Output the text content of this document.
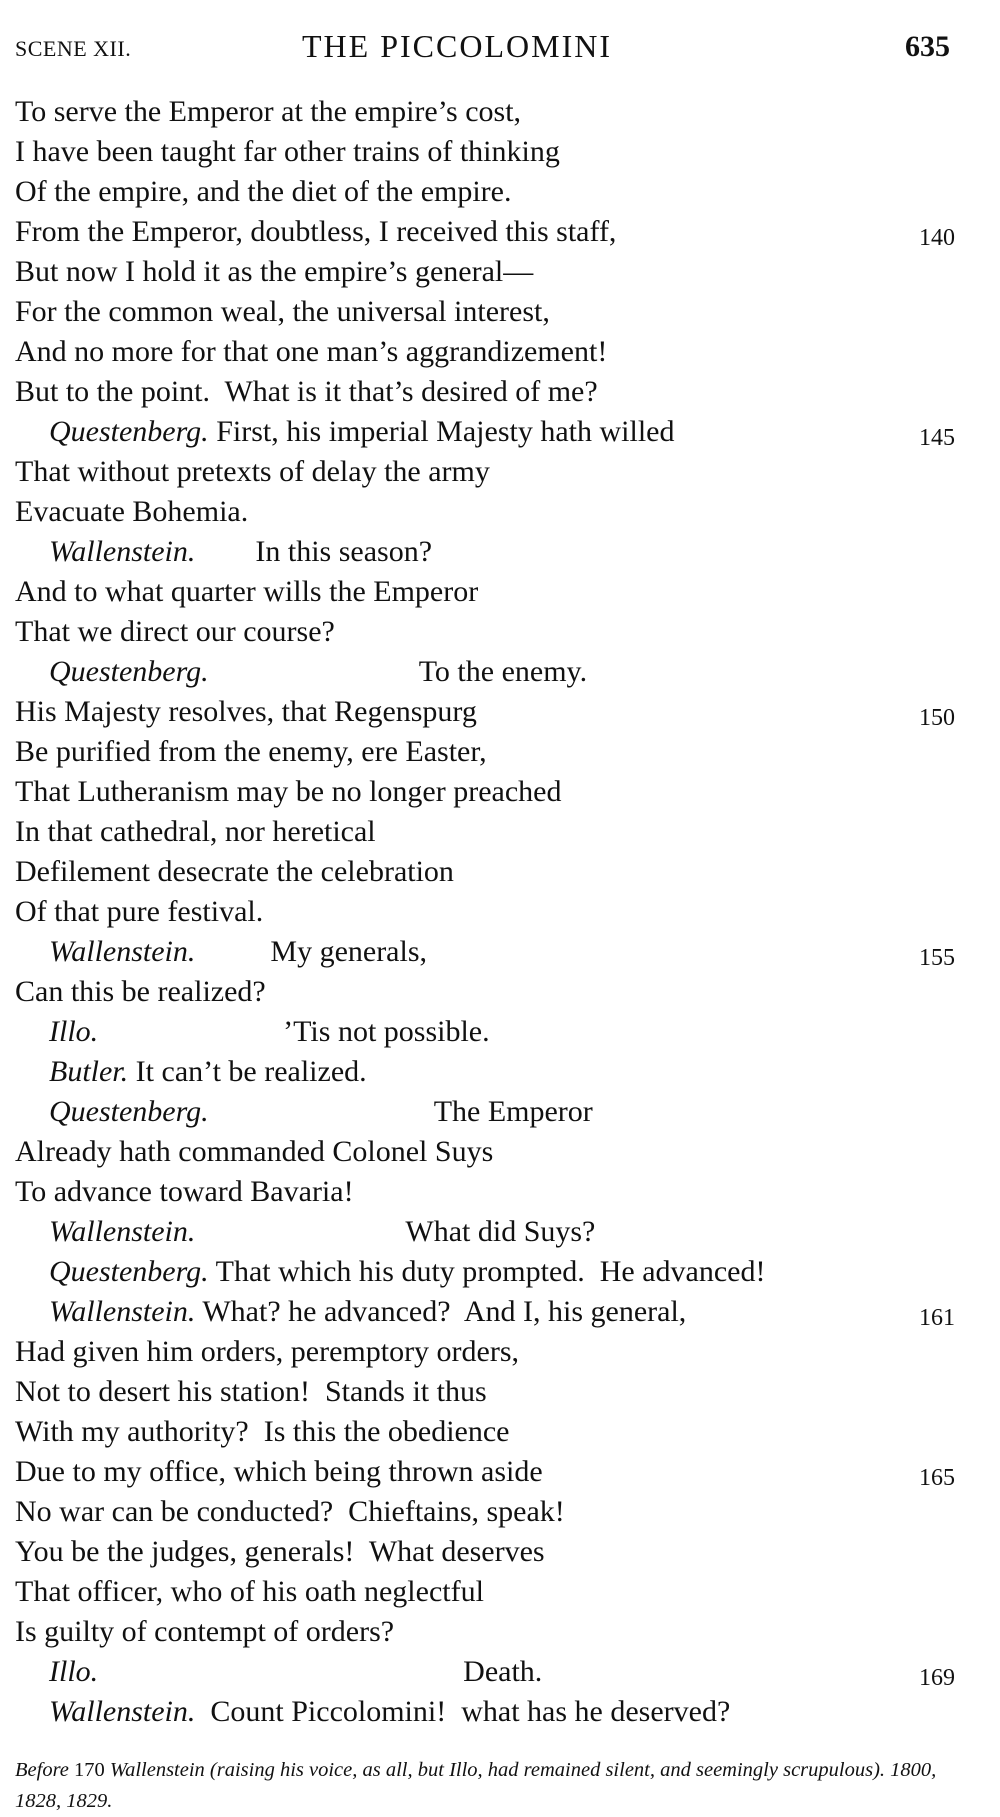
SCENE XII.	THE PICCOLOMINI	635
To serve the Emperor at the empire’s cost,
I have been taught far other trains of thinking
Of the empire, and the diet of the empire.
From the Emperor, doubtless, I received this staff,	140
But now I hold it as the empire’s general—
For the common weal, the universal interest,
And no more for that one man’s aggrandizement!
But to the point.  What is it that’s desired of me?
Questenberg. First, his imperial Majesty hath willed	145
That without pretexts of delay the army
Evacuate Bohemia.
Wallenstein. In this season?
And to what quarter wills the Emperor
That we direct our course?
Questenberg.	To the enemy.
His Majesty resolves, that Regenspurg	150
Be purified from the enemy, ere Easter,
That Lutheranism may be no longer preached
In that cathedral, nor heretical
Defilement desecrate the celebration
Of that pure festival.
Wallenstein.	My generals,	155
Can this be realized?
Illo.	’Tis not possible.
Butler. It can’t be realized.
Questenberg.	The Emperor
Already hath commanded Colonel Suys
To advance toward Bavaria!
Wallenstein.	What did Suys?
Questenberg. That which his duty prompted.  He advanced!
Wallenstein. What? he advanced?  And I, his general,	161
Had given him orders, peremptory orders,
Not to desert his station!  Stands it thus
With my authority?  Is this the obedience
Due to my office, which being thrown aside	165
No war can be conducted?  Chieftains, speak!
You be the judges, generals!  What deserves
That officer, who of his oath neglectful
Is guilty of contempt of orders?
Illo.	Death.	169
Wallenstein.  Count Piccolomini!  what has he deserved?
Before 170 Wallenstein (raising his voice, as all, but Illo, had remained silent, and seemingly scrupulous). 1800, 1828, 1829.
